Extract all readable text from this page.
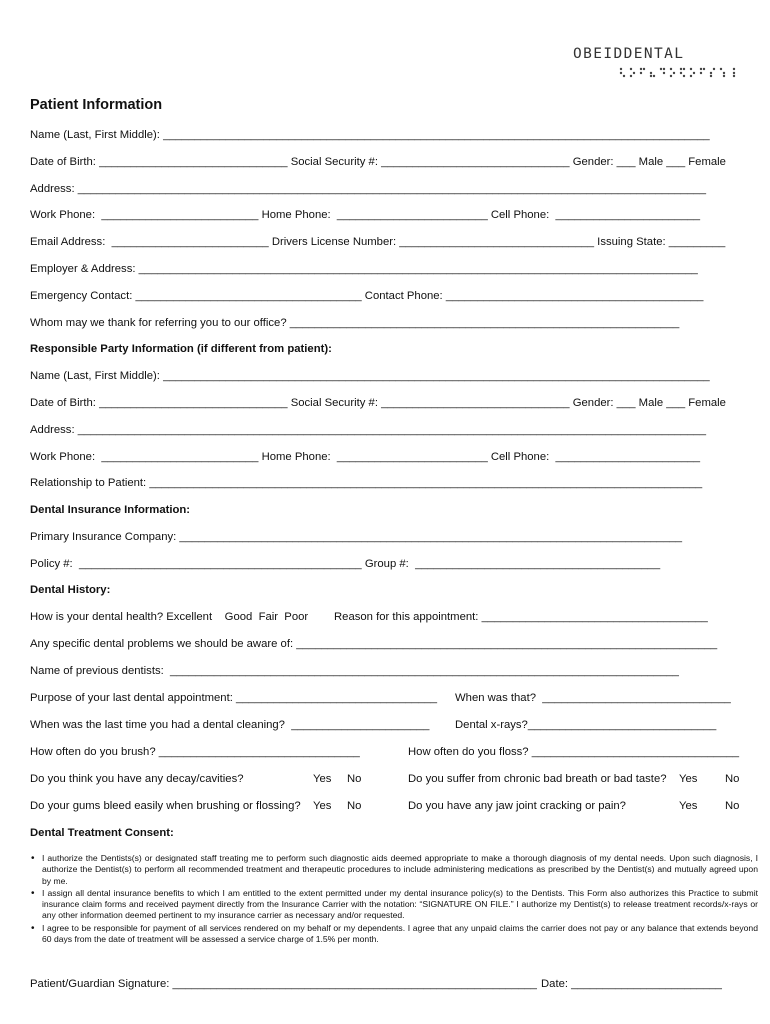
OBEIDDENTAL
Patient Information
Name (Last, First Middle): _______________________________________________________________________________________
Date of Birth: ______________________________ Social Security #: ______________________________ Gender: ___ Male ___ Female
Address: ____________________________________________________________________________________________________
Work Phone:  _________________________ Home Phone:  ________________________ Cell Phone:  _______________________
Email Address:  _________________________ Drivers License Number: _______________________________ Issuing State: _________
Employer & Address: _________________________________________________________________________________________
Emergency Contact: ____________________________________ Contact Phone: _________________________________________
Whom may we thank for referring you to our office? ______________________________________________________________
Responsible Party Information (if different from patient):
Name (Last, First Middle): _______________________________________________________________________________________
Date of Birth: ______________________________ Social Security #: ______________________________ Gender: ___ Male ___ Female
Address: ____________________________________________________________________________________________________
Work Phone:  _________________________ Home Phone:  ________________________ Cell Phone:  _______________________
Relationship to Patient: ________________________________________________________________________________________
Dental Insurance Information:
Primary Insurance Company: ________________________________________________________________________________
Policy #:  _____________________________________________ Group #:  _______________________________________
Dental History:
How is your dental health? Excellent    Good  Fair  Poor Reason for this appointment: ____________________________________
Any specific dental problems we should be aware of: ___________________________________________________________________
Name of previous dentists:  _________________________________________________________________________________
Purpose of your last dental appointment: ________________________________ When was that?  ______________________________
When was the last time you had a dental cleaning?  ______________________ Dental x-rays?______________________________
How often do you brush? ________________________________	How often do you floss? _________________________________
Do you think you have any decay/cavities?	Yes No	Do you suffer from chronic bad breath or bad taste? Yes No
Do your gums bleed easily when brushing or flossing? Yes No	Do you have any jaw joint cracking or pain?	Yes No
Dental Treatment Consent:
• I authorize the Dentists(s) or designated staff treating me to perform such diagnostic aids deemed appropriate to make a thorough diagnosis of my dental needs. Upon such diagnosis, I authorize the Dentist(s) to perform all recommended treatment and therapeutic procedures to include administering medications as prescribed by the Dentist(s) and mutually agreed upon by me.
• I assign all dental insurance benefits to which I am entitled to the extent permitted under my dental insurance policy(s) to the Dentists. This Form also authorizes this Practice to submit insurance claim forms and received payment directly from the Insurance Carrier with the notation: “SIGNATURE ON FILE.” I authorize my Dentist(s) to release treatment records/x-rays or any other information deemed pertinent to my insurance carrier as necessary and/or requested.
• I agree to be responsible for payment of all services rendered on my behalf or my dependents. I agree that any unpaid claims the carrier does not pay or any balance that extends beyond 60 days from the date of treatment will be assessed a service charge of 1.5% per month.
Patient/Guardian Signature: __________________________________________________________ Date: ________________________
